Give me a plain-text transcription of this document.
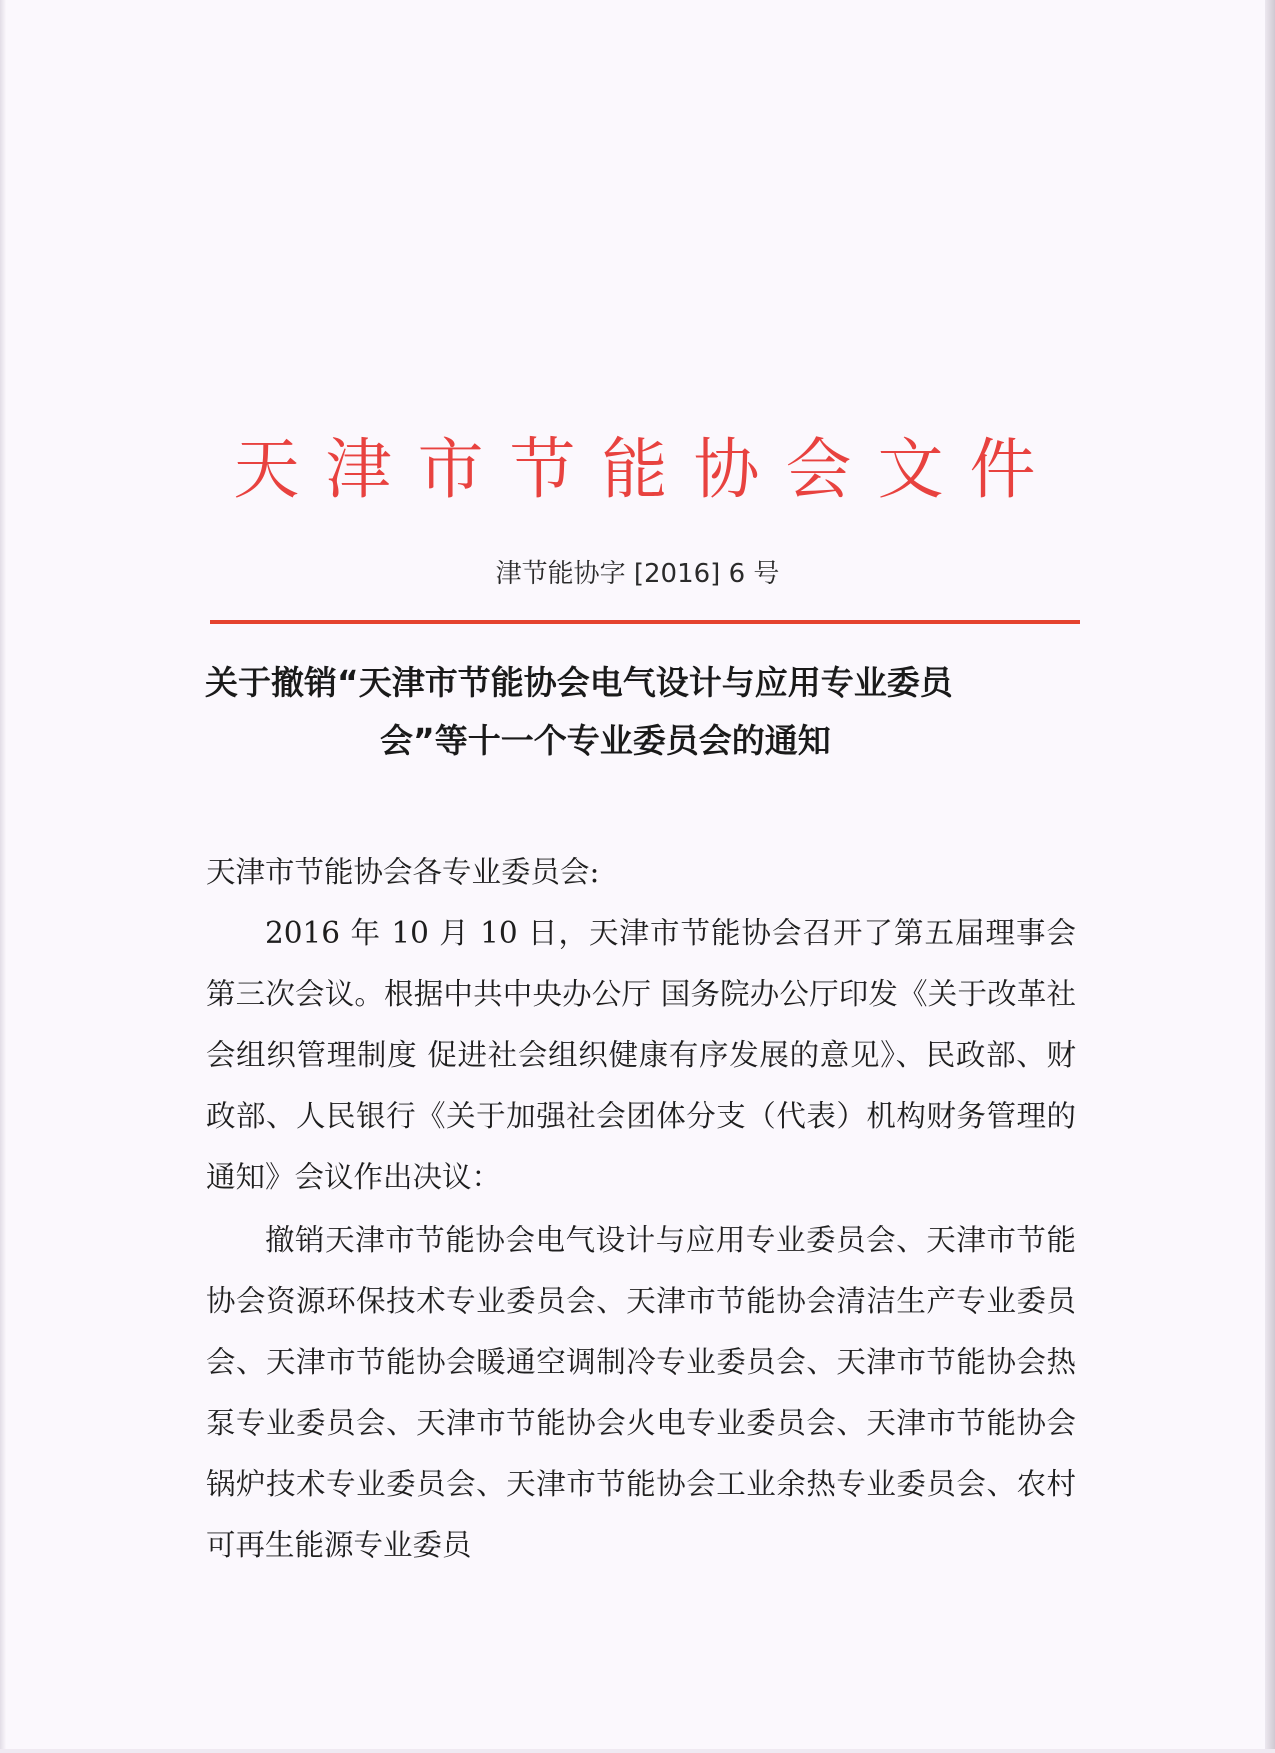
天津市节能协会文件
津节能协字 [2016] 6 号
关于撤销“天津市节能协会电气设计与应用专业委员
会”等十一个专业委员会的通知

天津市节能协会各专业委员会:

2016 年 10 月 10 日，天津市节能协会召开了第五届理事会第三次会议。根据中共中央办公厅 国务院办公厅印发《关于改革社会组织管理制度 促进社会组织健康有序发展的意见》、民政部、财政部、人民银行《关于加强社会团体分支（代表）机构财务管理的通知》会议作出决议：

撤销天津市节能协会电气设计与应用专业委员会、天津市节能协会资源环保技术专业委员会、天津市节能协会清洁生产专业委员会、天津市节能协会暖通空调制冷专业委员会、天津市节能协会热泵专业委员会、天津市节能协会火电专业委员会、天津市节能协会锅炉技术专业委员会、天津市节能协会工业余热专业委员会、农村可再生能源专业委员
